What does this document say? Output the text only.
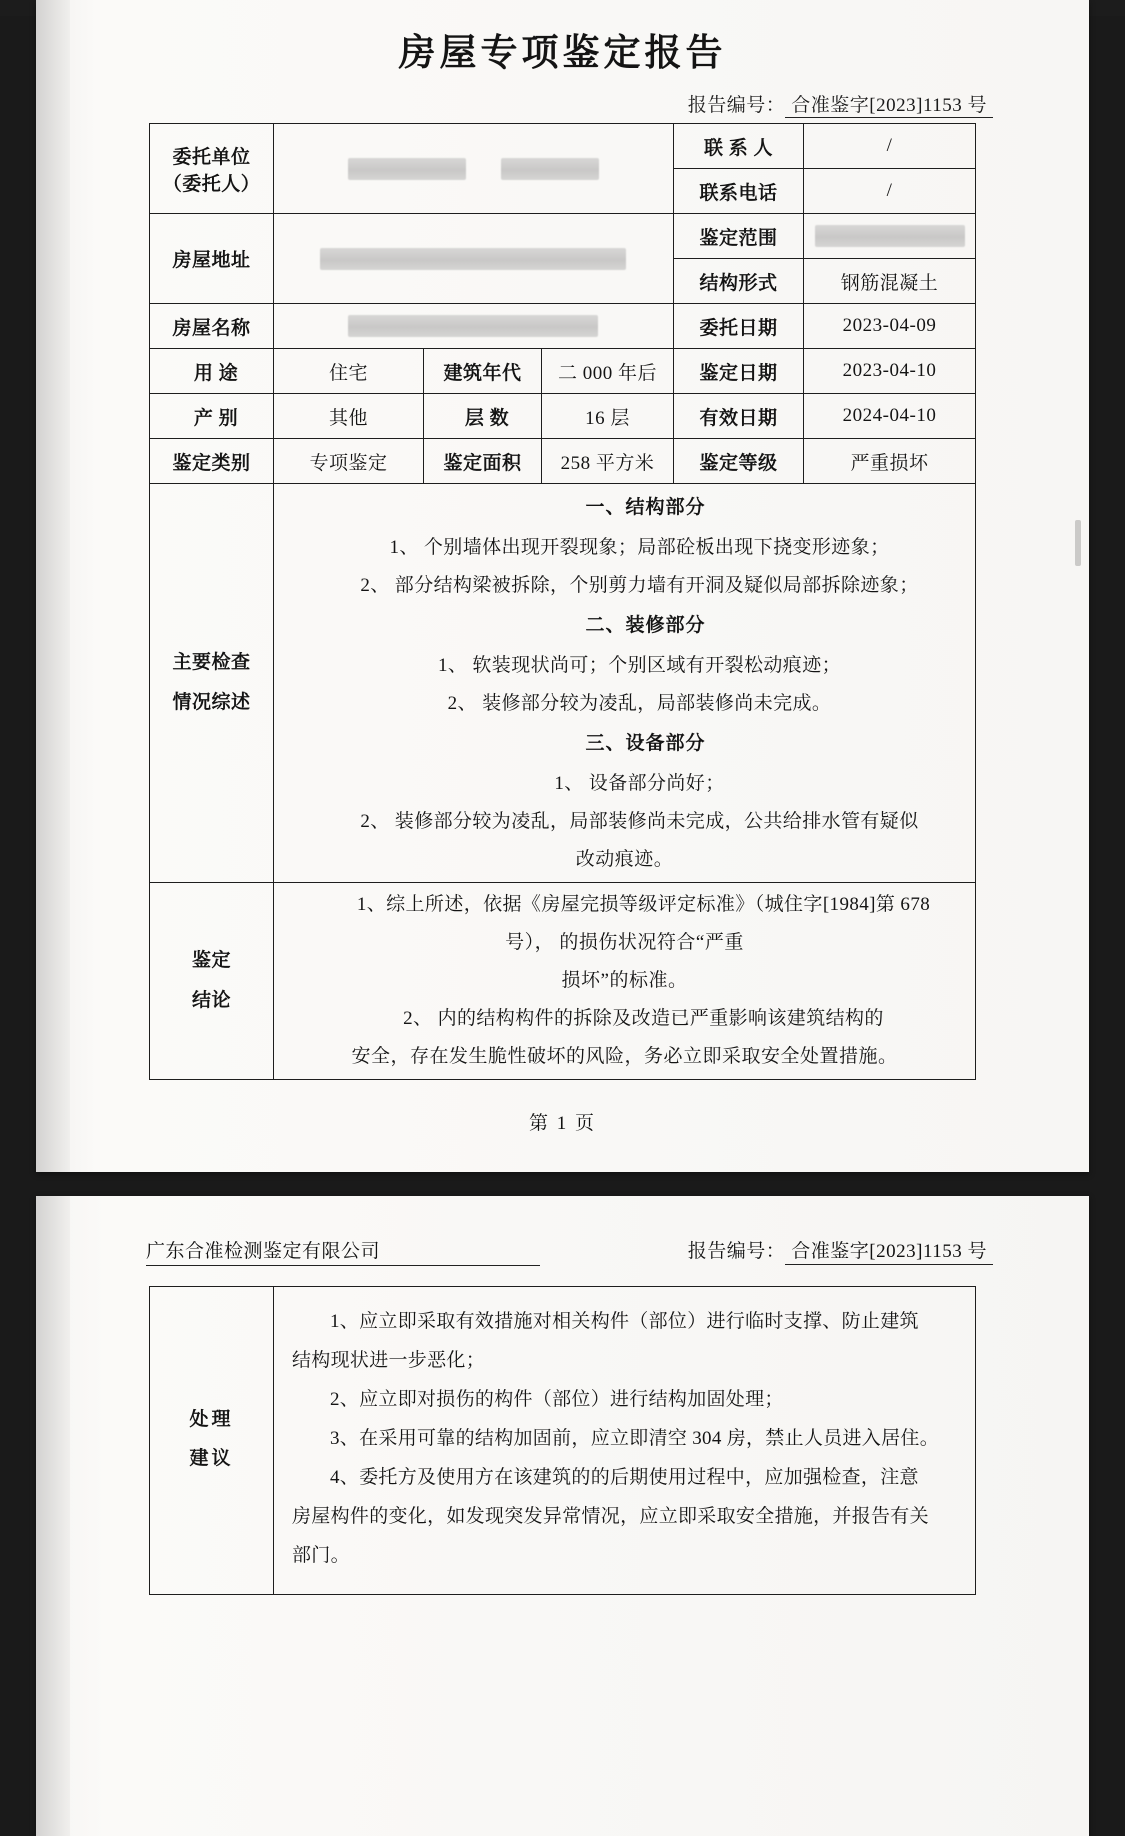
房屋专项鉴定报告
报告编号： 合准鉴字[2023]1153 号
委托单位
（委托人）				联 系 人	/
				联系电话	/
房屋地址				鉴定范围	
				结构形式	钢筋混凝土
房屋名称				委托日期	2023-04-09
用 途	住宅	建筑年代	二 000 年后	鉴定日期	2023-04-10
产 别	其他	层 数	16 层	有效日期	2024-04-10
鉴定类别	专项鉴定	鉴定面积	258 平方米	鉴定等级	严重损坏

主要检查
情况综述

一、结构部分
1、 个别墙体出现开裂现象；局部砼板出现下挠变形迹象；
2、 部分结构梁被拆除，个别剪力墙有开洞及疑似局部拆除迹象；
二、装修部分
1、 软装现状尚可；个别区域有开裂松动痕迹；
2、 装修部分较为凌乱，局部装修尚未完成。
三、设备部分
1、 设备部分尚好；
2、 装修部分较为凌乱，局部装修尚未完成，公共给排水管有疑似
改动痕迹。

鉴定
结论

1、综上所述，依据《房屋完损等级评定标准》（城住字[1984]第 678
号）， 的损伤状况符合“严重
损坏”的标准。
2、 内的结构构件的拆除及改造已严重影响该建筑结构的
安全，存在发生脆性破坏的风险，务必立即采取安全处置措施。
第 1 页
广东合准检测鉴定有限公司	报告编号： 合准鉴字[2023]1153 号
处理
建议

1、应立即采取有效措施对相关构件（部位）进行临时支撑、防止建筑
结构现状进一步恶化；
2、应立即对损伤的构件（部位）进行结构加固处理；
3、在采用可靠的结构加固前，应立即清空 304 房，禁止人员进入居住。
4、委托方及使用方在该建筑的的后期使用过程中，应加强检查，注意
房屋构件的变化，如发现突发异常情况，应立即采取安全措施，并报告有关
部门。
